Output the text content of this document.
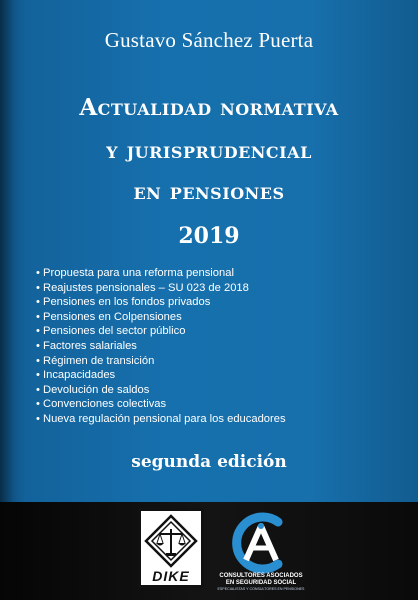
Gustavo Sánchez Puerta
Actualidad normativa
y jurisprudencial
en pensiones
2019
• Propuesta para una reforma pensional
• Reajustes pensionales – SU 023 de 2018
• Pensiones en los fondos privados
• Pensiones en Colpensiones
• Pensiones del sector público
• Factores salariales
• Régimen de transición
• Incapacidades
• Devolución de saldos
• Convenciones colectivas
• Nueva regulación pensional para los educadores
segunda edición
DIKE	CONSULTORES ASOCIADOS
EN SEGURIDAD SOCIAL
ESPECIALISTAS Y CONSULTORES EN PENSIONES
